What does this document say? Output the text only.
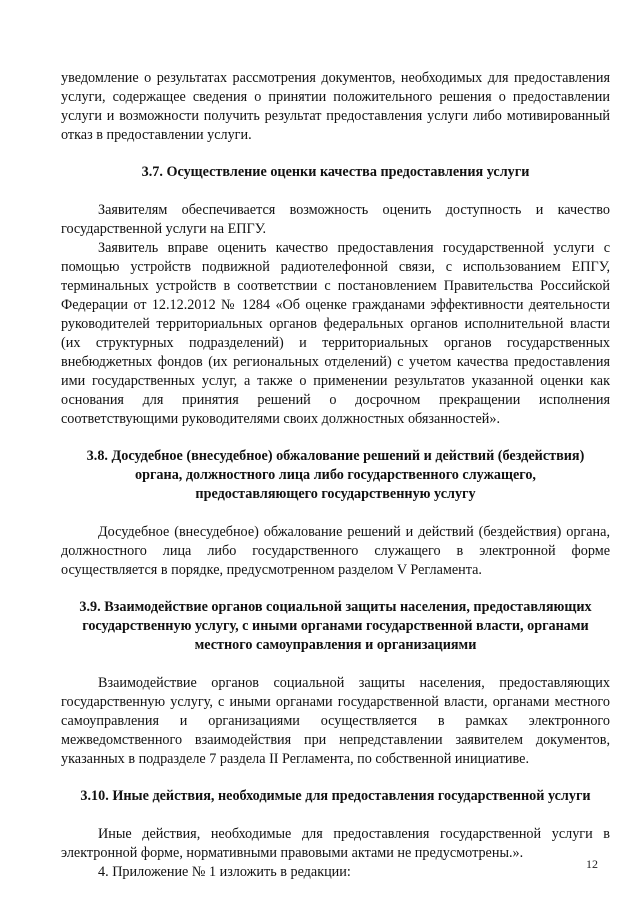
уведомление о результатах рассмотрения документов, необходимых для предоставления услуги, содержащее сведения о принятии положительного решения о предоставлении услуги и возможности получить результат предоставления услуги либо мотивированный отказ в предоставлении услуги.

3.7. Осуществление оценки качества предоставления услуги

Заявителям обеспечивается возможность оценить доступность и качество государственной услуги на ЕПГУ.

Заявитель вправе оценить качество предоставления государственной услуги с помощью устройств подвижной радиотелефонной связи, с использованием ЕПГУ, терминальных устройств в соответствии с постановлением Правительства Российской Федерации от 12.12.2012 № 1284 «Об оценке гражданами эффективности деятельности руководителей территориальных органов федеральных органов исполнительной власти (их структурных подразделений) и территориальных органов государственных внебюджетных фондов (их региональных отделений) с учетом качества предоставления ими государственных услуг, а также о применении результатов указанной оценки как основания для принятия решений о досрочном прекращении исполнения соответствующими руководителями своих должностных обязанностей».

3.8. Досудебное (внесудебное) обжалование решений и действий (бездействия)
органа, должностного лица либо государственного служащего,
предоставляющего государственную услугу

Досудебное (внесудебное) обжалование решений и действий (бездействия) органа, должностного лица либо государственного служащего в электронной форме осуществляется в порядке, предусмотренном разделом V Регламента.

3.9. Взаимодействие органов социальной защиты населения, предоставляющих
государственную услугу, с иными органами государственной власти, органами
местного самоуправления и организациями

Взаимодействие органов социальной защиты населения, предоставляющих государственную услугу, с иными органами государственной власти, органами местного самоуправления и организациями осуществляется в рамках электронного межведомственного взаимодействия при непредставлении заявителем документов, указанных в подразделе 7 раздела II Регламента, по собственной инициативе.

3.10. Иные действия, необходимые для предоставления государственной услуги

Иные действия, необходимые для предоставления государственной услуги в электронной форме, нормативными правовыми актами не предусмотрены.».

4. Приложение № 1 изложить в редакции:	12
